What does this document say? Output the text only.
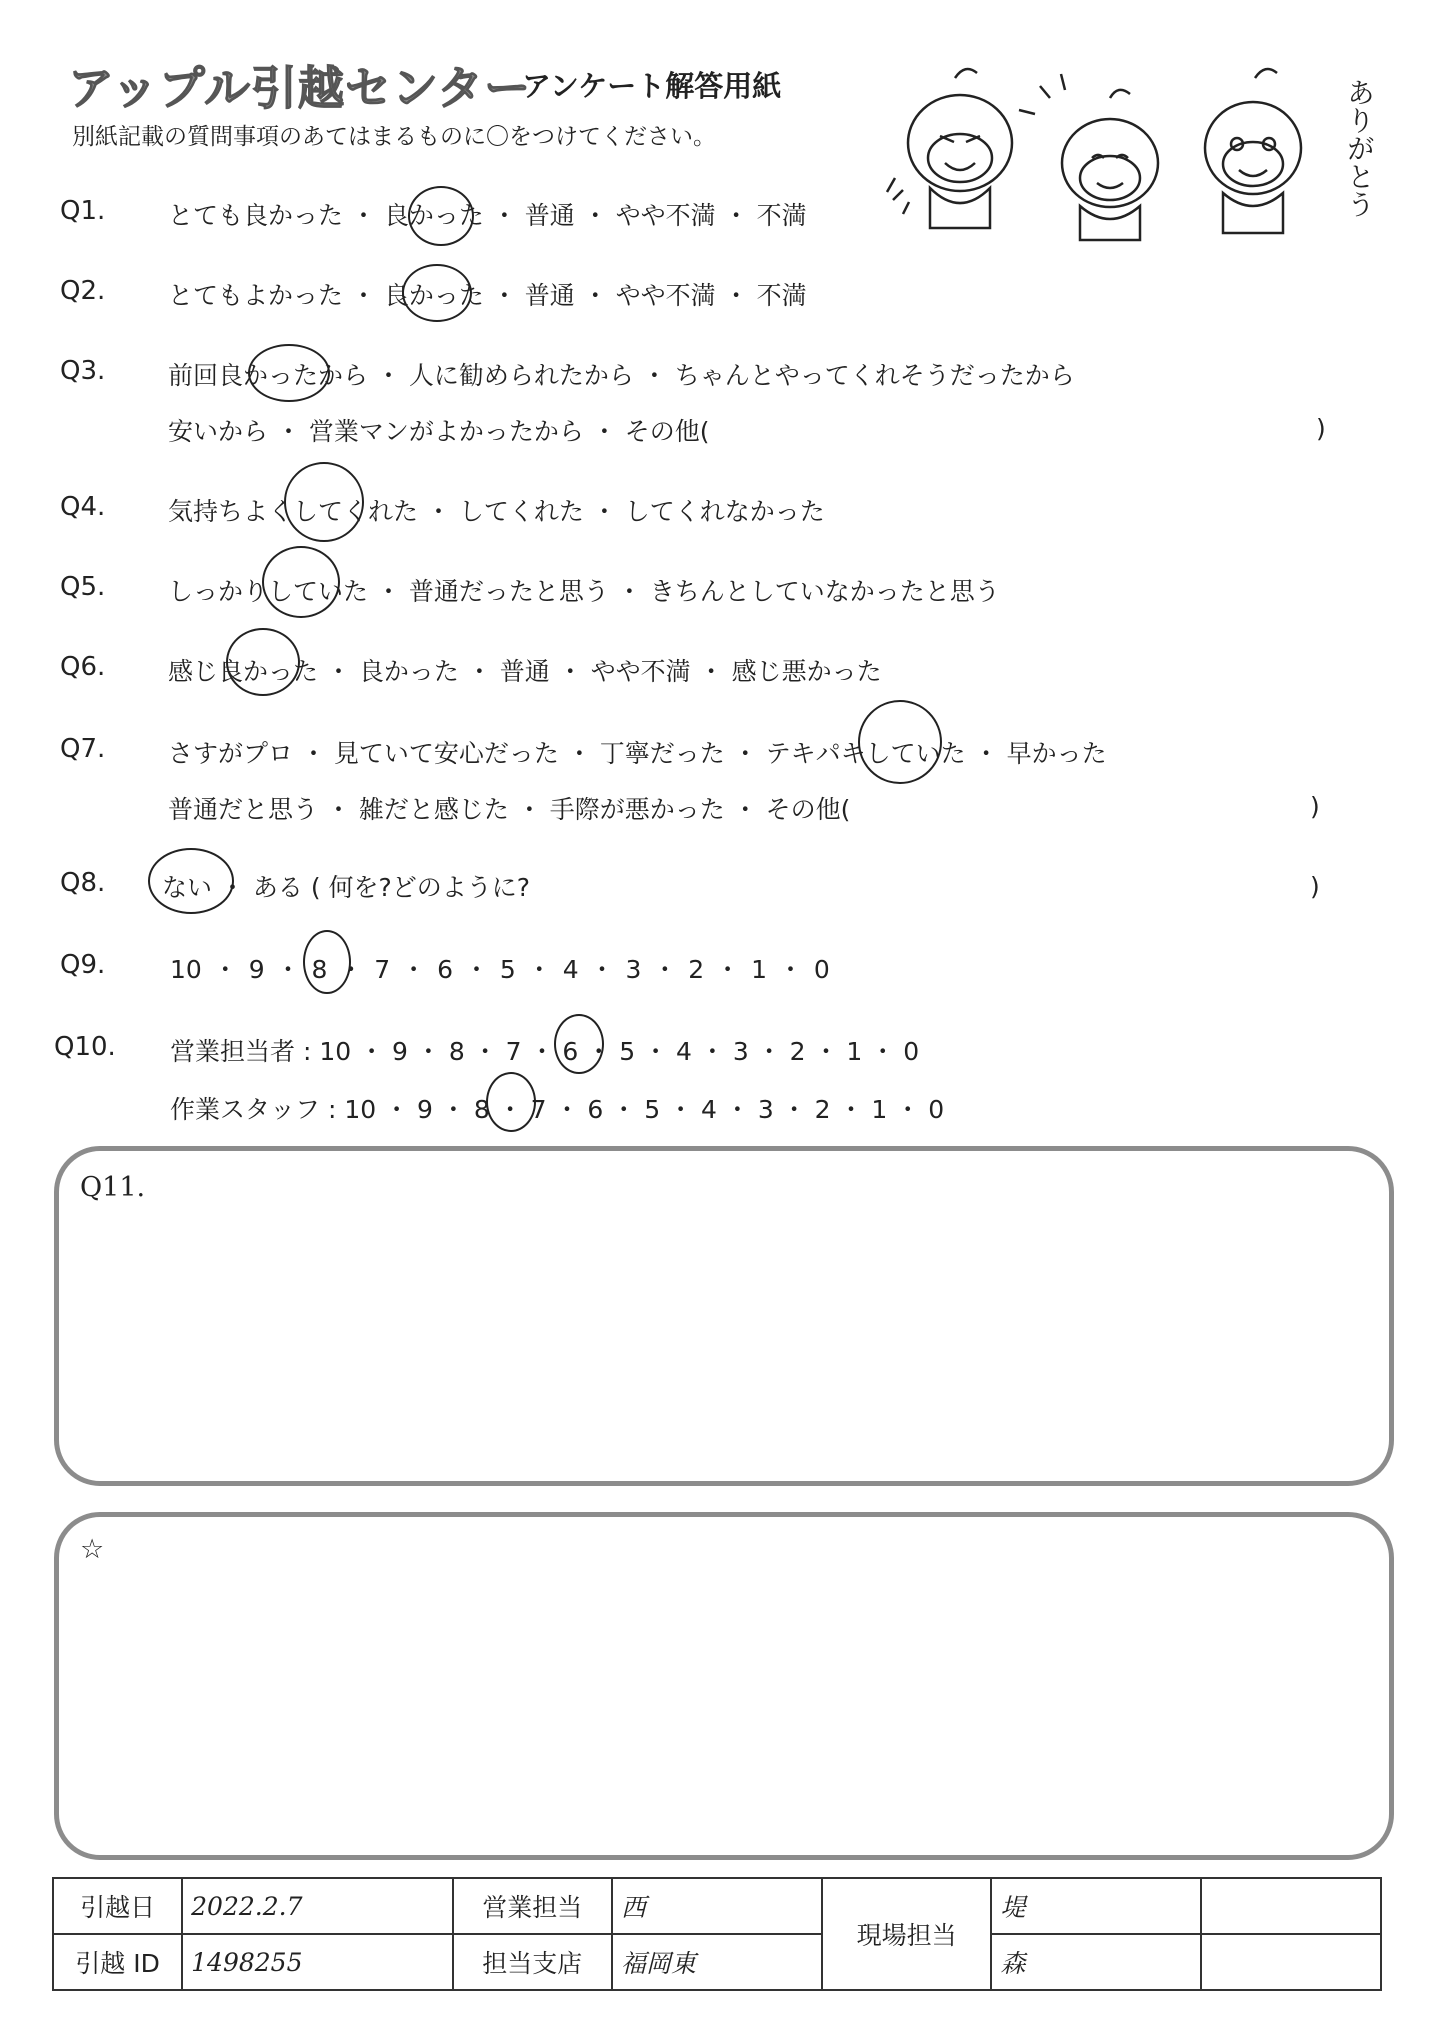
アップル引越センター
アンケート解答用紙
別紙記載の質問事項のあてはまるものに〇をつけてください。	ありがとう
Q1.	とても良かった ・ 良かった ・ 普通 ・ やや不満 ・ 不満
Q2.	とてもよかった ・ 良かった ・ 普通 ・ やや不満 ・ 不満
Q3.	前回良かったから ・ 人に勧められたから ・ ちゃんとやってくれそうだったから
安いから ・ 営業マンがよかったから ・ その他(	)
Q4.	気持ちよくしてくれた ・ してくれた ・ してくれなかった
Q5.	しっかりしていた ・ 普通だったと思う ・ きちんとしていなかったと思う
Q6.	感じ良かった ・ 良かった ・ 普通 ・ やや不満 ・ 感じ悪かった
Q7.	さすがプロ ・ 見ていて安心だった ・ 丁寧だった ・ テキパキしていた ・ 早かった
普通だと思う ・ 雑だと感じた ・ 手際が悪かった ・ その他(	)
Q8. ない ・ ある ( 何を?どのように?	)
Q9.	10 ・ 9 ・ 8 ・ 7 ・ 6 ・ 5 ・ 4 ・ 3 ・ 2 ・ 1 ・ 0
Q10. 営業担当者 : 10 ・ 9 ・ 8 ・ 7 ・ 6 ・ 5 ・ 4 ・ 3 ・ 2 ・ 1 ・ 0
作業スタッフ : 10 ・ 9 ・ 8 ・ 7 ・ 6 ・ 5 ・ 4 ・ 3 ・ 2 ・ 1 ・ 0
Q11.
☆
引越日	2022.2.7	営業担当	西	現場担当	堤	
引越 ID	1498255	担当支店	福岡東		森	
